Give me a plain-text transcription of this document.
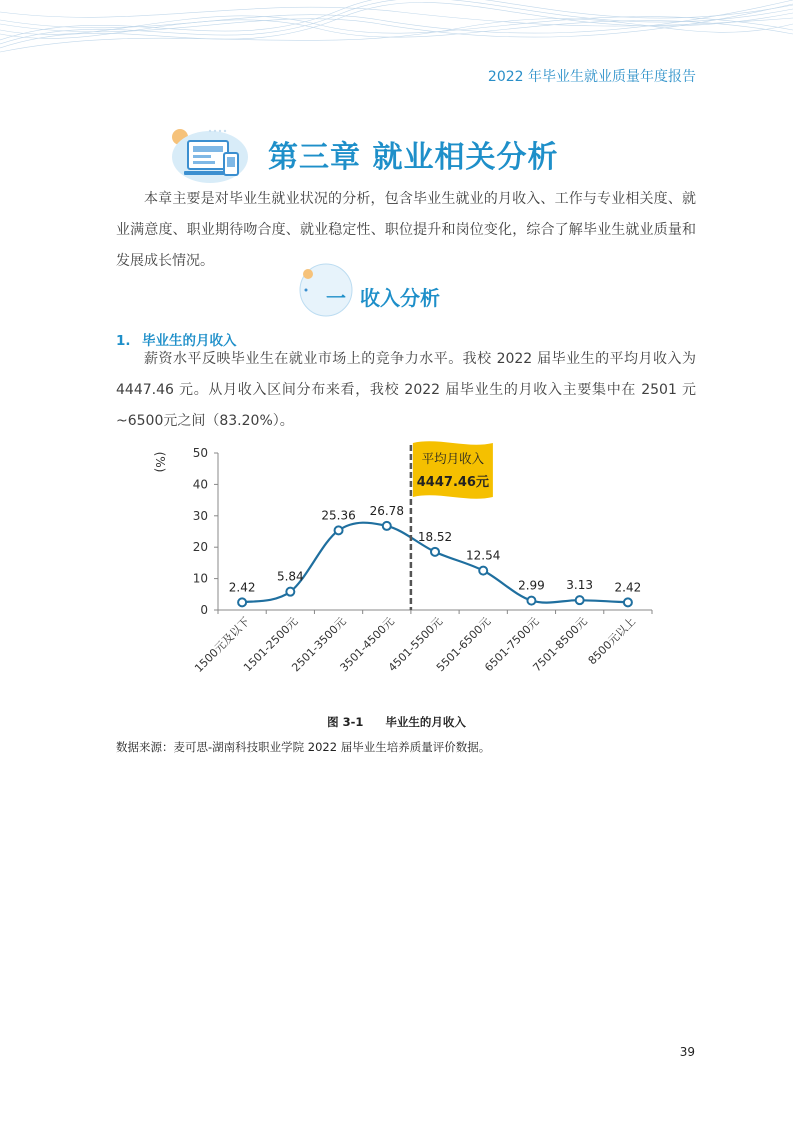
2022 年毕业生就业质量年度报告
第三章 就业相关分析

本章主要是对毕业生就业状况的分析，包含毕业生就业的月收入、工作与专业相关度、就业满意度、职业期待吻合度、就业稳定性、职位提升和岗位变化，综合了解毕业生就业质量和发展成长情况。

一 收入分析
1. 毕业生的月收入

薪资水平反映毕业生在就业市场上的竞争力水平。我校 2022 届毕业生的平均月收入为4447.46 元。从月收入区间分布来看，我校 2022 届毕业生的月收入主要集中在 2501 元~6500元之间（83.20%）。

0
10
20
30
40
50
(%)
1500元及以下
1501-2500元
2501-3500元
3501-4500元
4501-5500元
5501-6500元
6501-7500元
7501-8500元
8500元以上
2.42
5.84
25.36 26.78
18.52
12.54
2.99 3.13 2.42
平均月收入
4447.46元
图 3-1 毕业生的月收入
数据来源：麦可思-湖南科技职业学院 2022 届毕业生培养质量评价数据。
39
